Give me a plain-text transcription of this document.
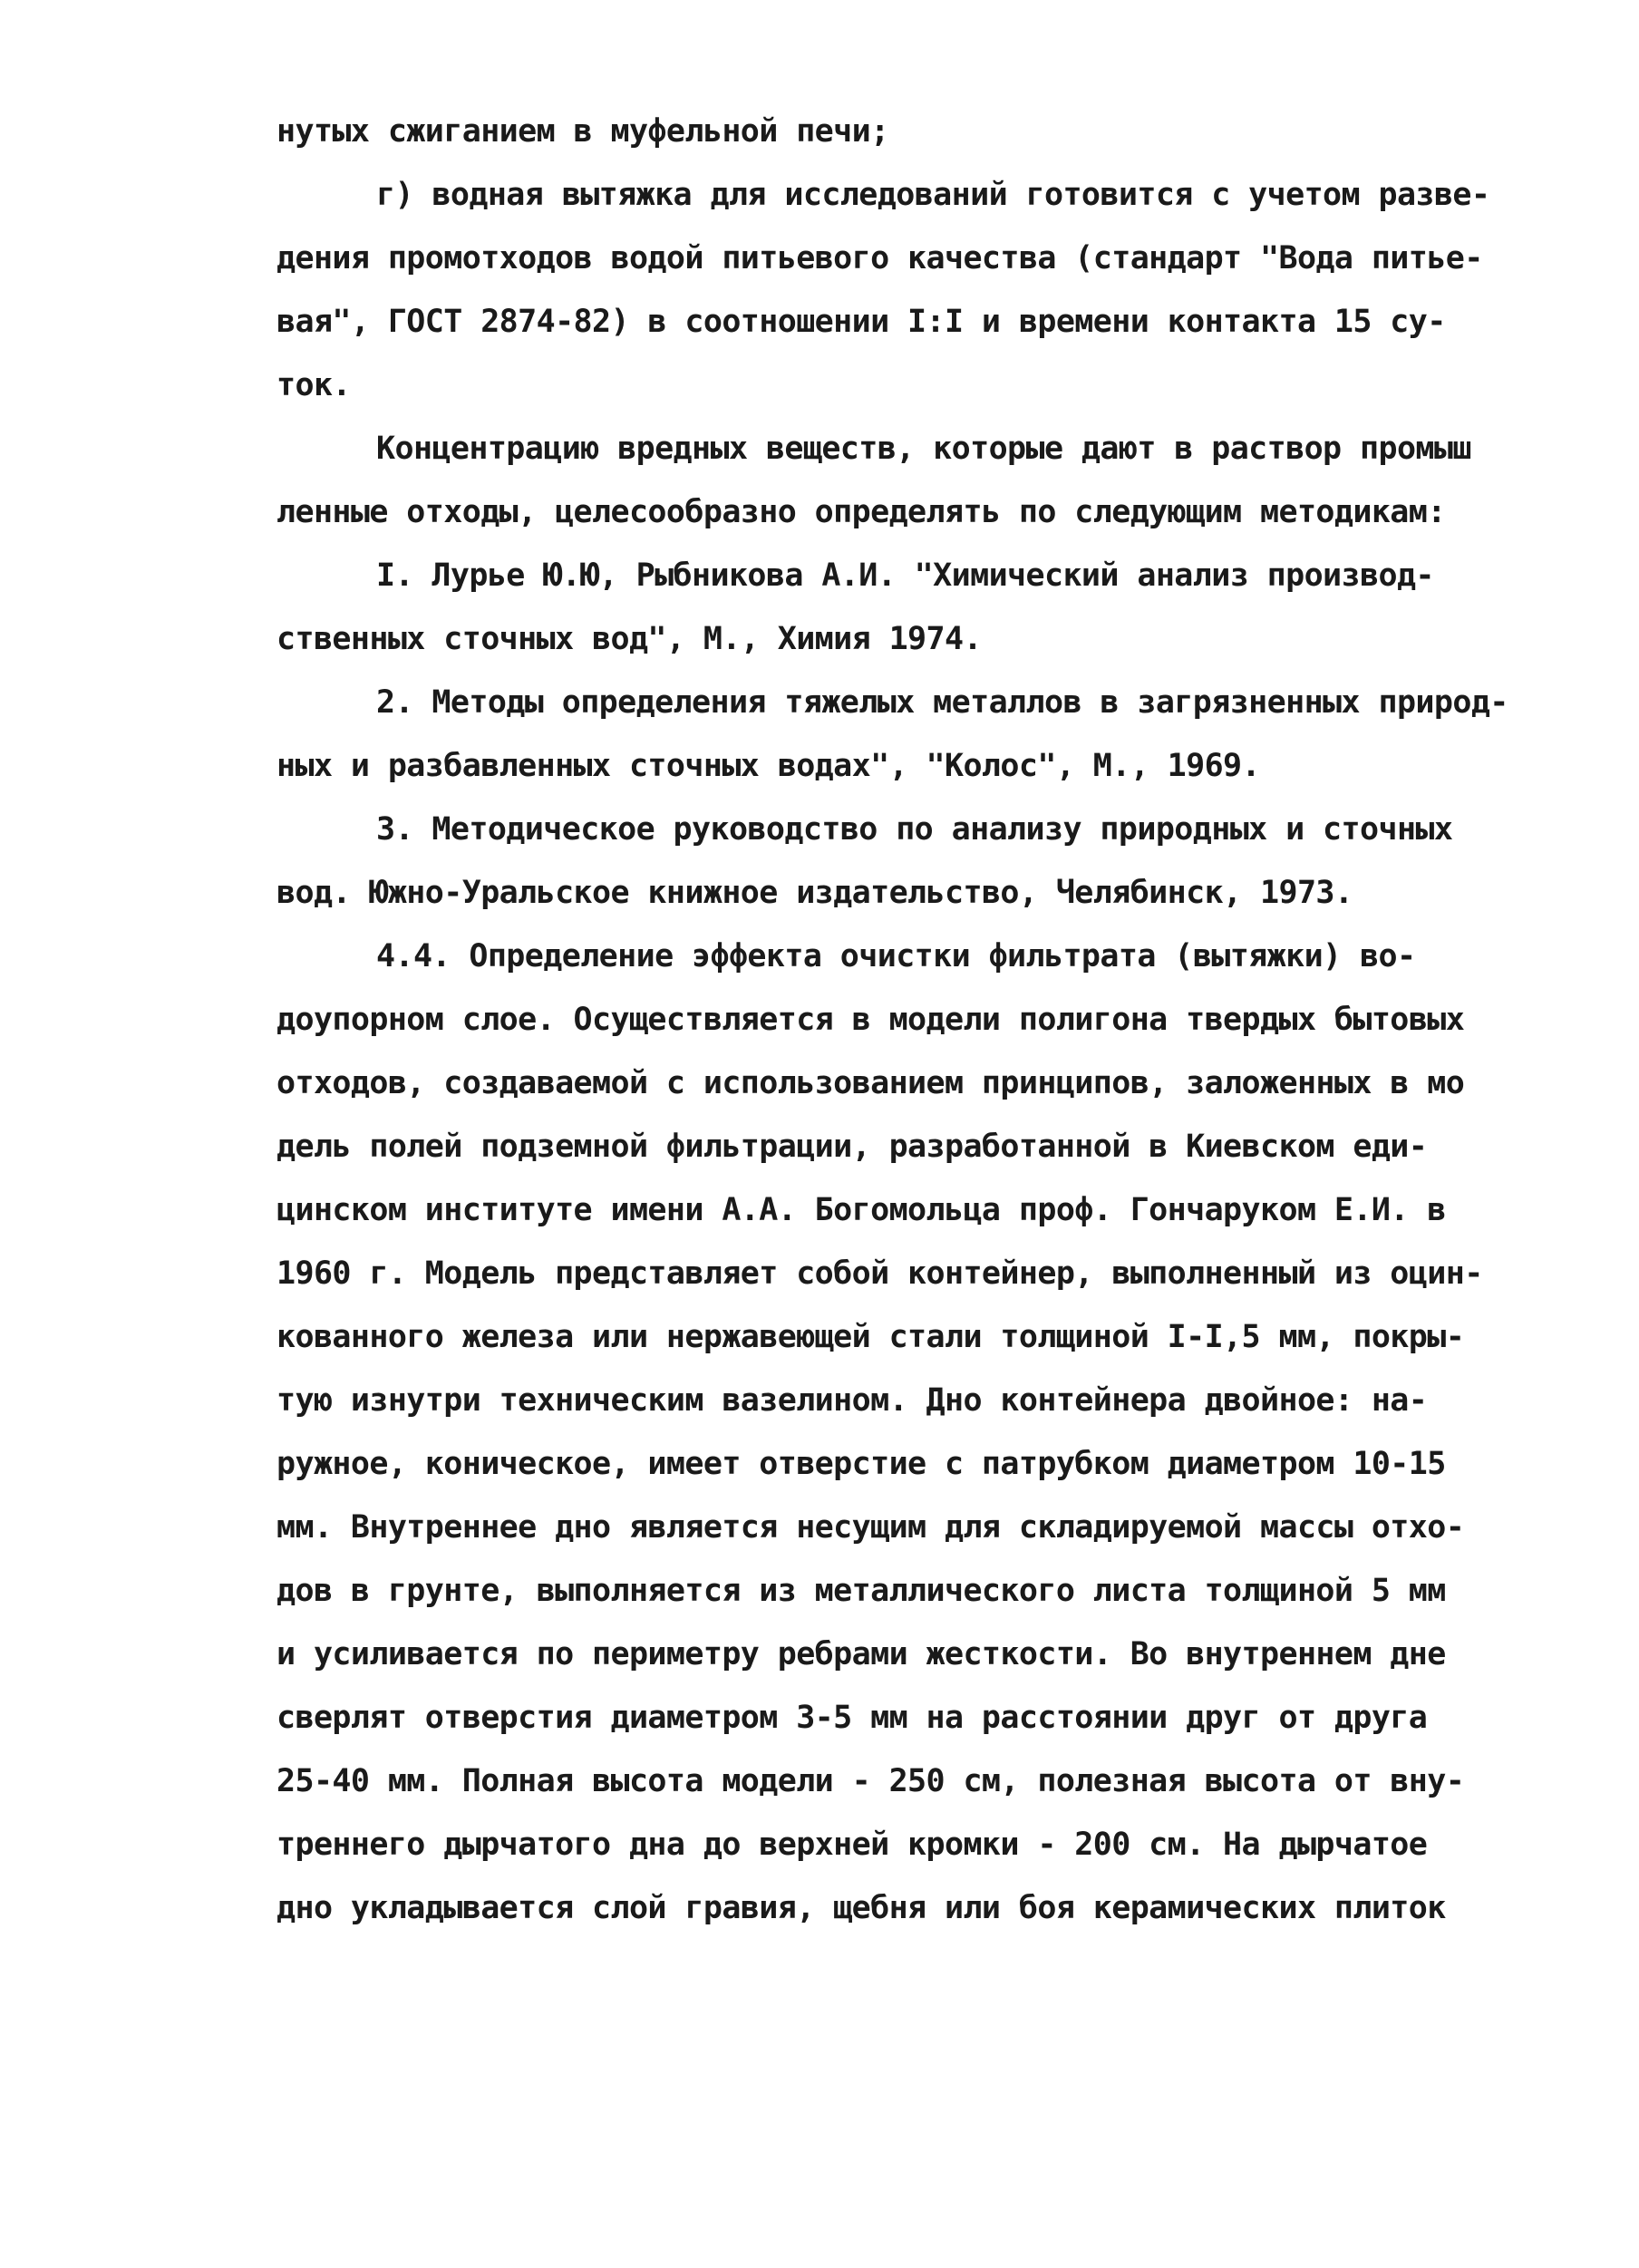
нутых сжиганием в муфельной печи;
г) водная вытяжка для исследований готовится с учетом разве-
дения промотходов водой питьевого качества (стандарт "Вода питье-
вая", ГОСТ 2874-82) в соотношении I:I и времени контакта 15 су-
ток.
Концентрацию вредных веществ, которые дают в раствор промыш
ленные отходы, целесообразно определять по следующим методикам:
I. Лурье Ю.Ю, Рыбникова А.И. "Химический анализ производ-
ственных сточных вод", М., Химия 1974.
2. Методы определения тяжелых металлов в загрязненных природ-
ных и разбавленных сточных водах", "Колос", М., 1969.
3. Методическое руководство по анализу природных и сточных
вод. Южно-Уральское книжное издательство, Челябинск, 1973.
4.4. Определение эффекта очистки фильтрата (вытяжки) во-
доупорном слое. Осуществляется в модели полигона твердых бытовых
отходов, создаваемой с использованием принципов, заложенных в мо
дель полей подземной фильтрации, разработанной в Киевском еди-
цинском институте имени А.А. Богомольца проф. Гончаруком Е.И. в
1960 г. Модель представляет собой контейнер, выполненный из оцин-
кованного железа или нержавеющей стали толщиной I-I,5 мм, покры-
тую изнутри техническим вазелином. Дно контейнера двойное: на-
ружное, коническое, имеет отверстие с патрубком диаметром 10-15
мм. Внутреннее дно является несущим для складируемой массы отхо-
дов в грунте, выполняется из металлического листа толщиной 5 мм
и усиливается по периметру ребрами жесткости. Во внутреннем дне
сверлят отверстия диаметром 3-5 мм на расстоянии друг от друга
25-40 мм. Полная высота модели - 250 см, полезная высота от вну-
треннего дырчатого дна до верхней кромки - 200 см. На дырчатое
дно укладывается слой гравия, щебня или боя керамических плиток
